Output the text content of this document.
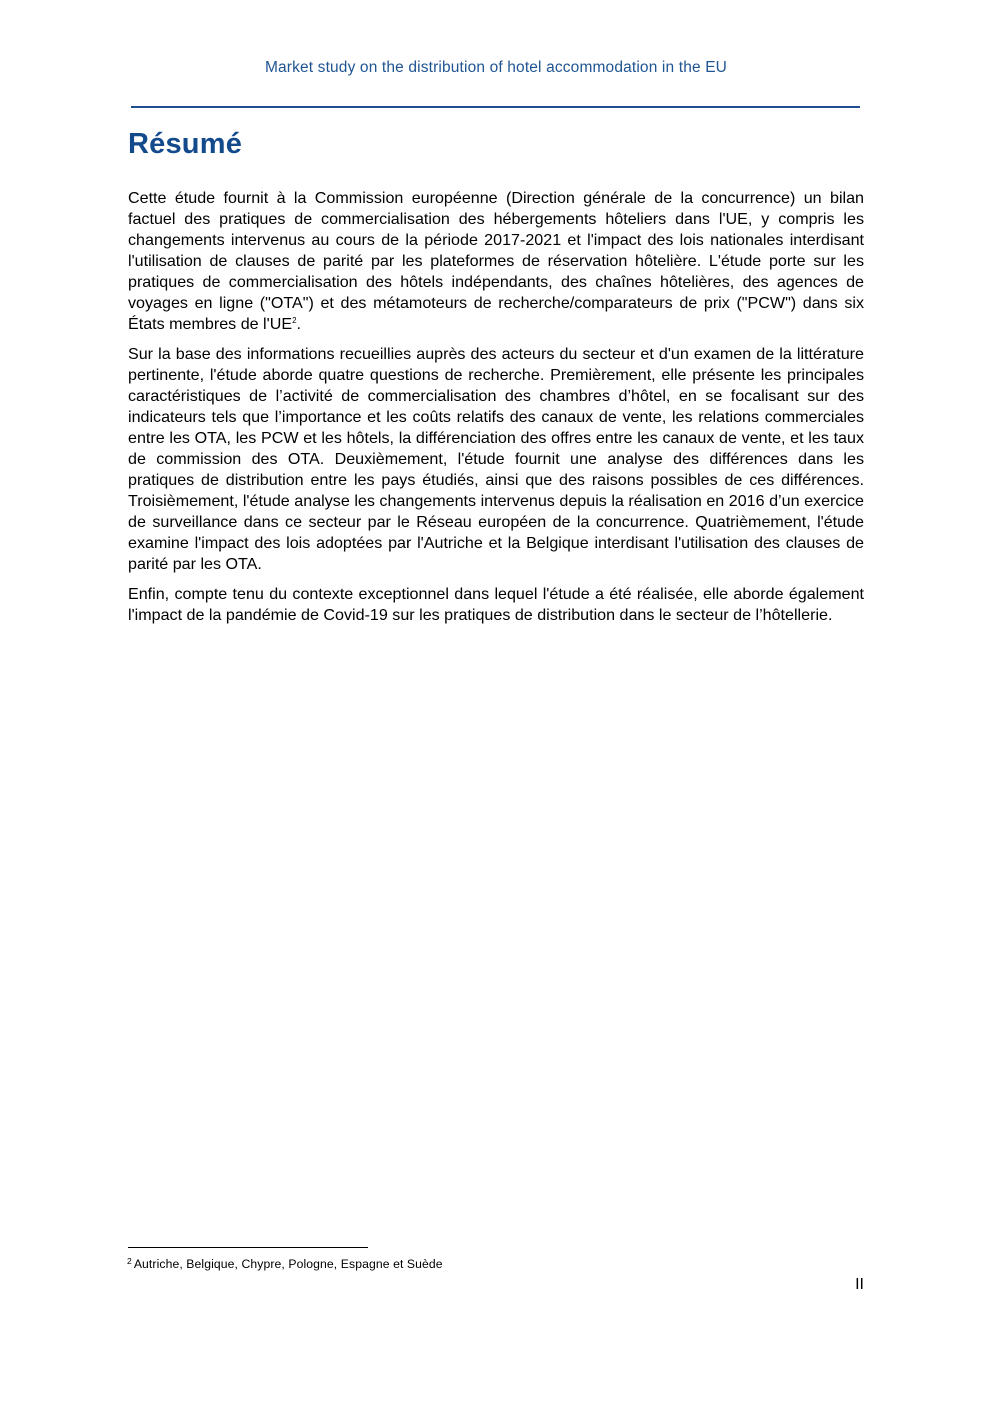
Market study on the distribution of hotel accommodation in the EU
Résumé

Cette étude fournit à la Commission européenne (Direction générale de la concurrence) un bilan factuel des pratiques de commercialisation des hébergements hôteliers dans l'UE, y compris les changements intervenus au cours de la période 2017-2021 et l'impact des lois nationales interdisant l'utilisation de clauses de parité par les plateformes de réservation hôtelière. L'étude porte sur les pratiques de commercialisation des hôtels indépendants, des chaînes hôtelières, des agences de voyages en ligne ("OTA") et des métamoteurs de recherche/comparateurs de prix ("PCW") dans six États membres de l'UE$^2$.

Sur la base des informations recueillies auprès des acteurs du secteur et d'un examen de la littérature pertinente, l'étude aborde quatre questions de recherche. Premièrement, elle présente les principales caractéristiques de l’activité de commercialisation des chambres d’hôtel, en se focalisant sur des indicateurs tels que l’importance et les coûts relatifs des canaux de vente, les relations commerciales entre les OTA, les PCW et les hôtels, la différenciation des offres entre les canaux de vente, et les taux de commission des OTA. Deuxièmement, l'étude fournit une analyse des différences dans les pratiques de distribution entre les pays étudiés, ainsi que des raisons possibles de ces différences. Troisièmement, l'étude analyse les changements intervenus depuis la réalisation en 2016 d’un exercice de surveillance dans ce secteur par le Réseau européen de la concurrence. Quatrièmement, l'étude examine l'impact des lois adoptées par l'Autriche et la Belgique interdisant l'utilisation des clauses de parité par les OTA.

Enfin, compte tenu du contexte exceptionnel dans lequel l'étude a été réalisée, elle aborde également l'impact de la pandémie de Covid-19 sur les pratiques de distribution dans le secteur de l’hôtellerie.

$^2$ Autriche, Belgique, Chypre, Pologne, Espagne et Suède
II
